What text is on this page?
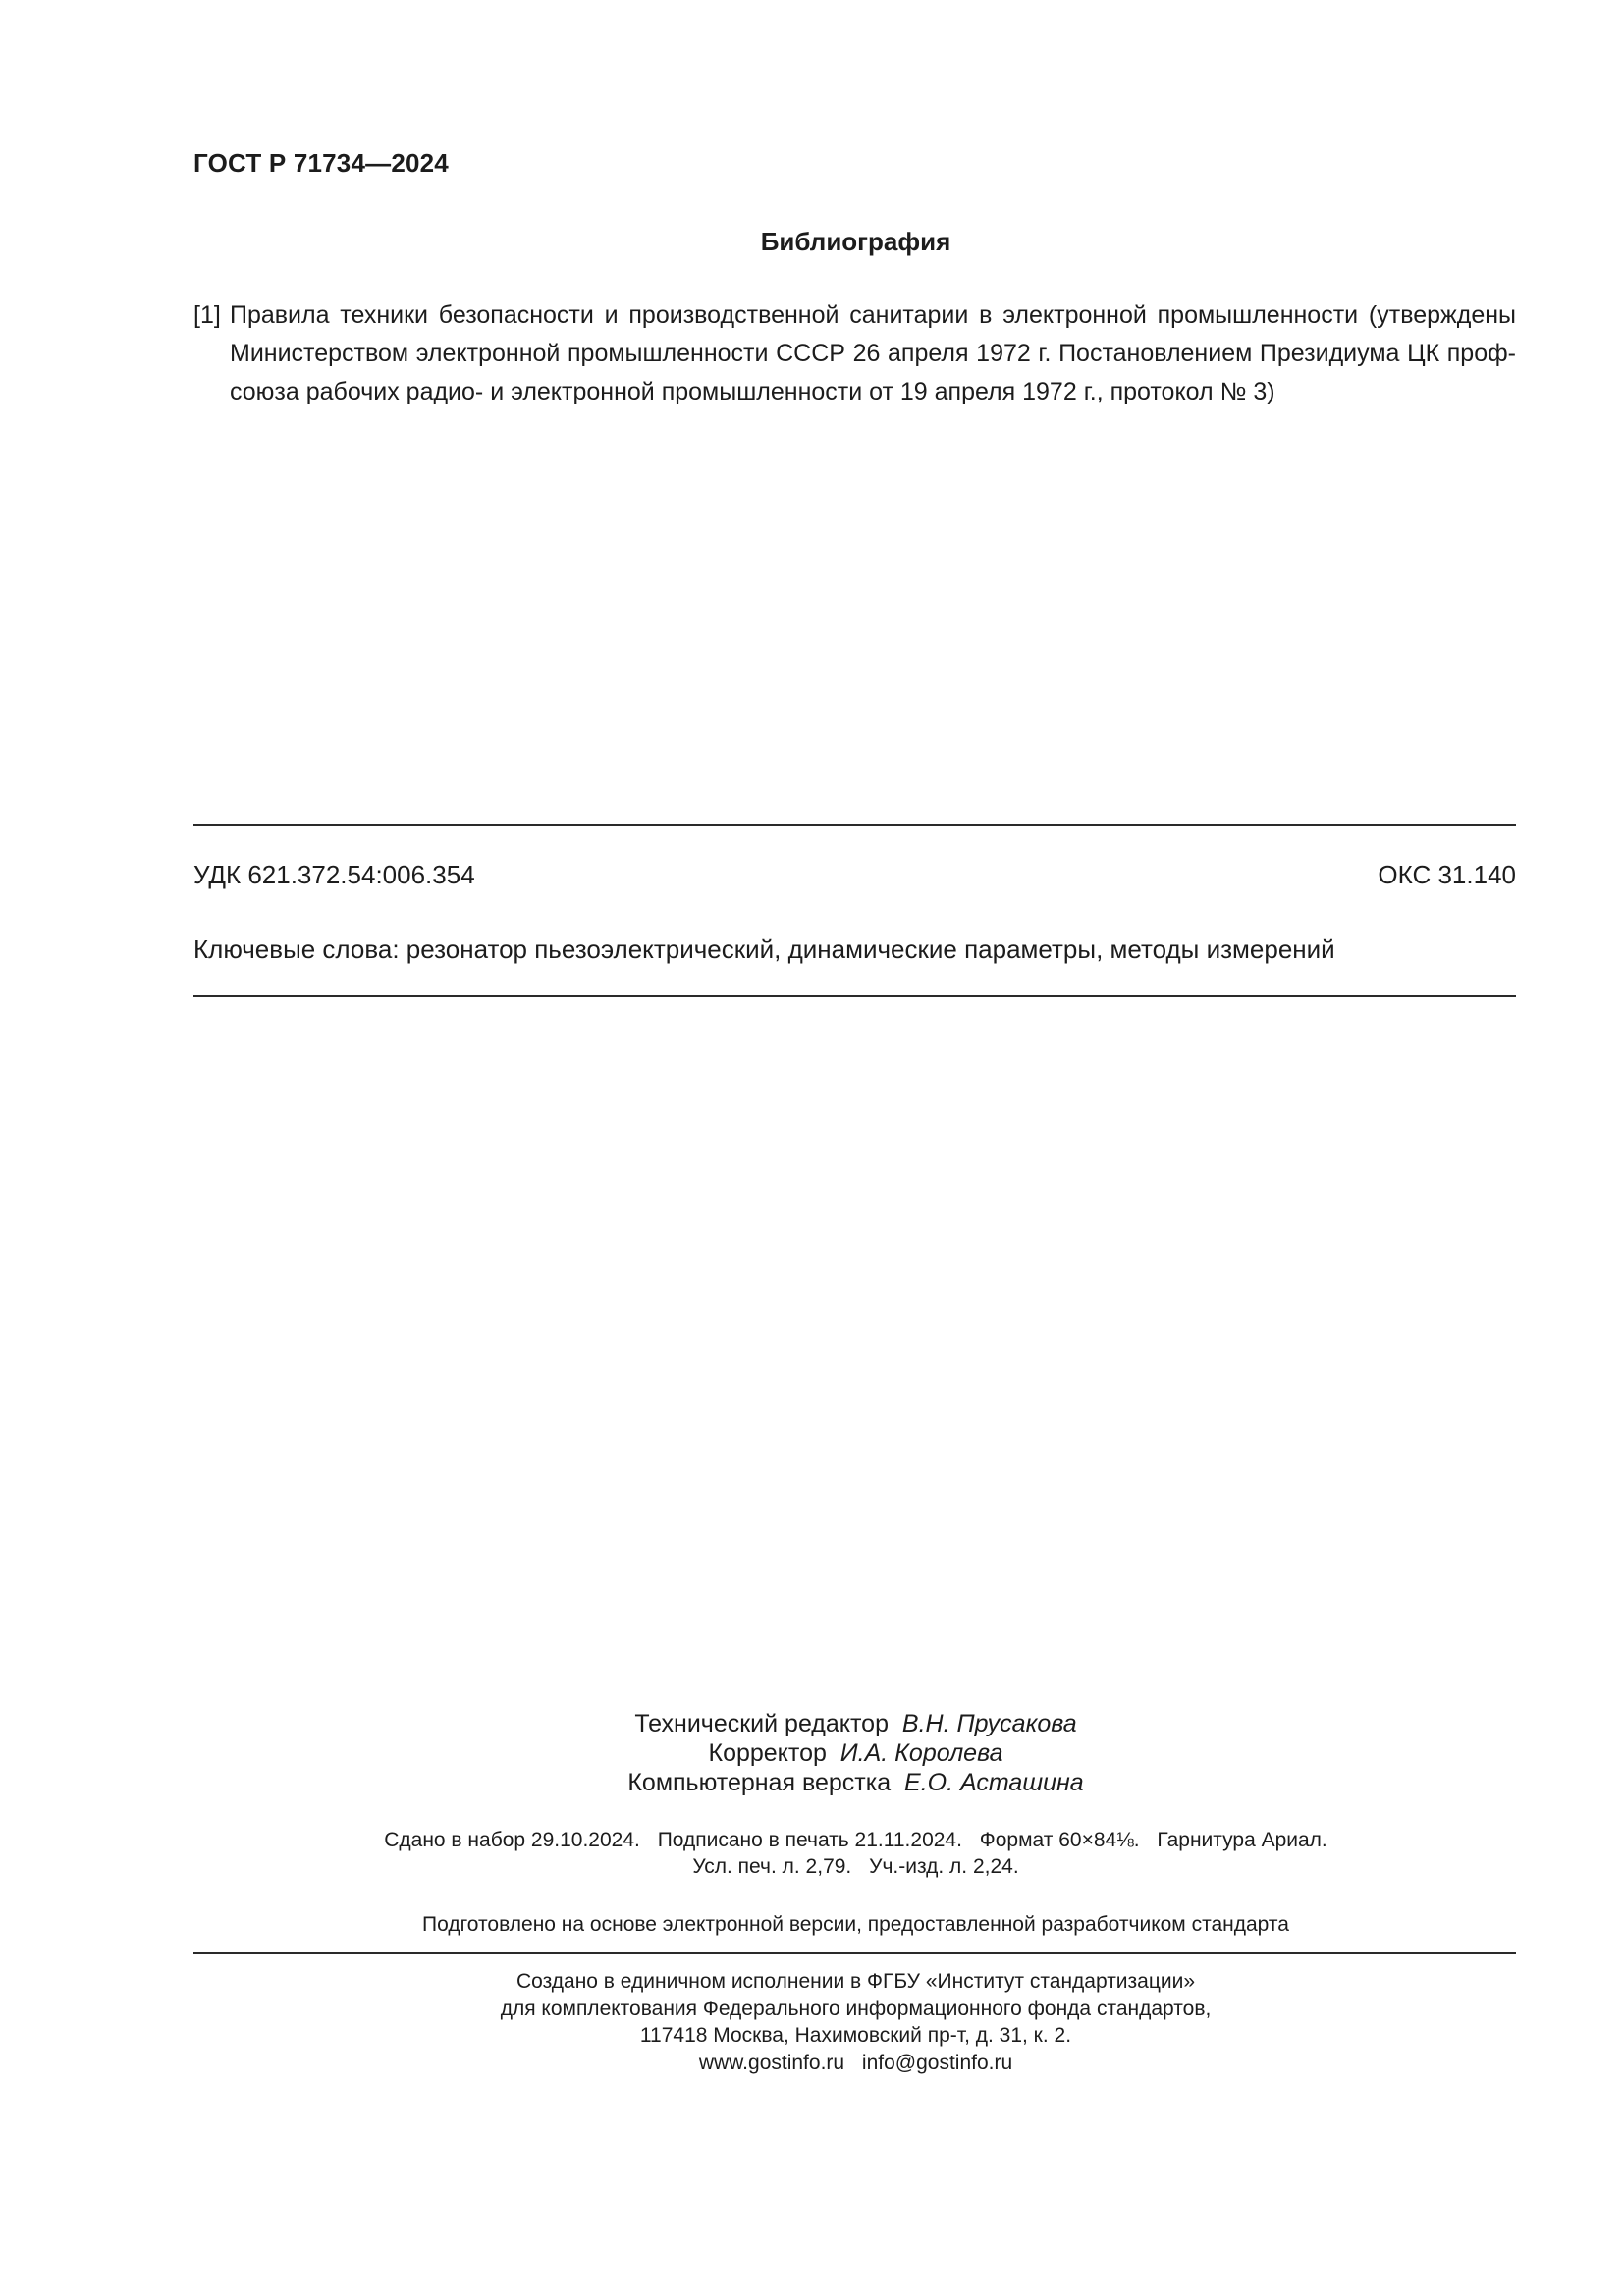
ГОСТ Р 71734—2024
Библиография
[1] Правила техники безопасности и производственной санитарии в электронной промышленности (утверждены Министерством электронной промышленности СССР 26 апреля 1972 г. Постановлением Президиума ЦК проф-союза рабочих радио- и электронной промышленности от 19 апреля 1972 г., протокол № 3)
УДК 621.372.54:006.354	ОКС 31.140
Ключевые слова: резонатор пьезоэлектрический, динамические параметры, методы измерений
Технический редактор В.Н. Прусакова
Корректор И.А. Королева
Компьютерная верстка Е.О. Асташина
Сдано в набор 29.10.2024. Подписано в печать 21.11.2024. Формат 60×84⅛. Гарнитура Ариал.
Усл. печ. л. 2,79. Уч.-изд. л. 2,24.
Подготовлено на основе электронной версии, предоставленной разработчиком стандарта
Создано в единичном исполнении в ФГБУ «Институт стандартизации»
для комплектования Федерального информационного фонда стандартов,
117418 Москва, Нахимовский пр-т, д. 31, к. 2.
www.gostinfo.ru info@gostinfo.ru
